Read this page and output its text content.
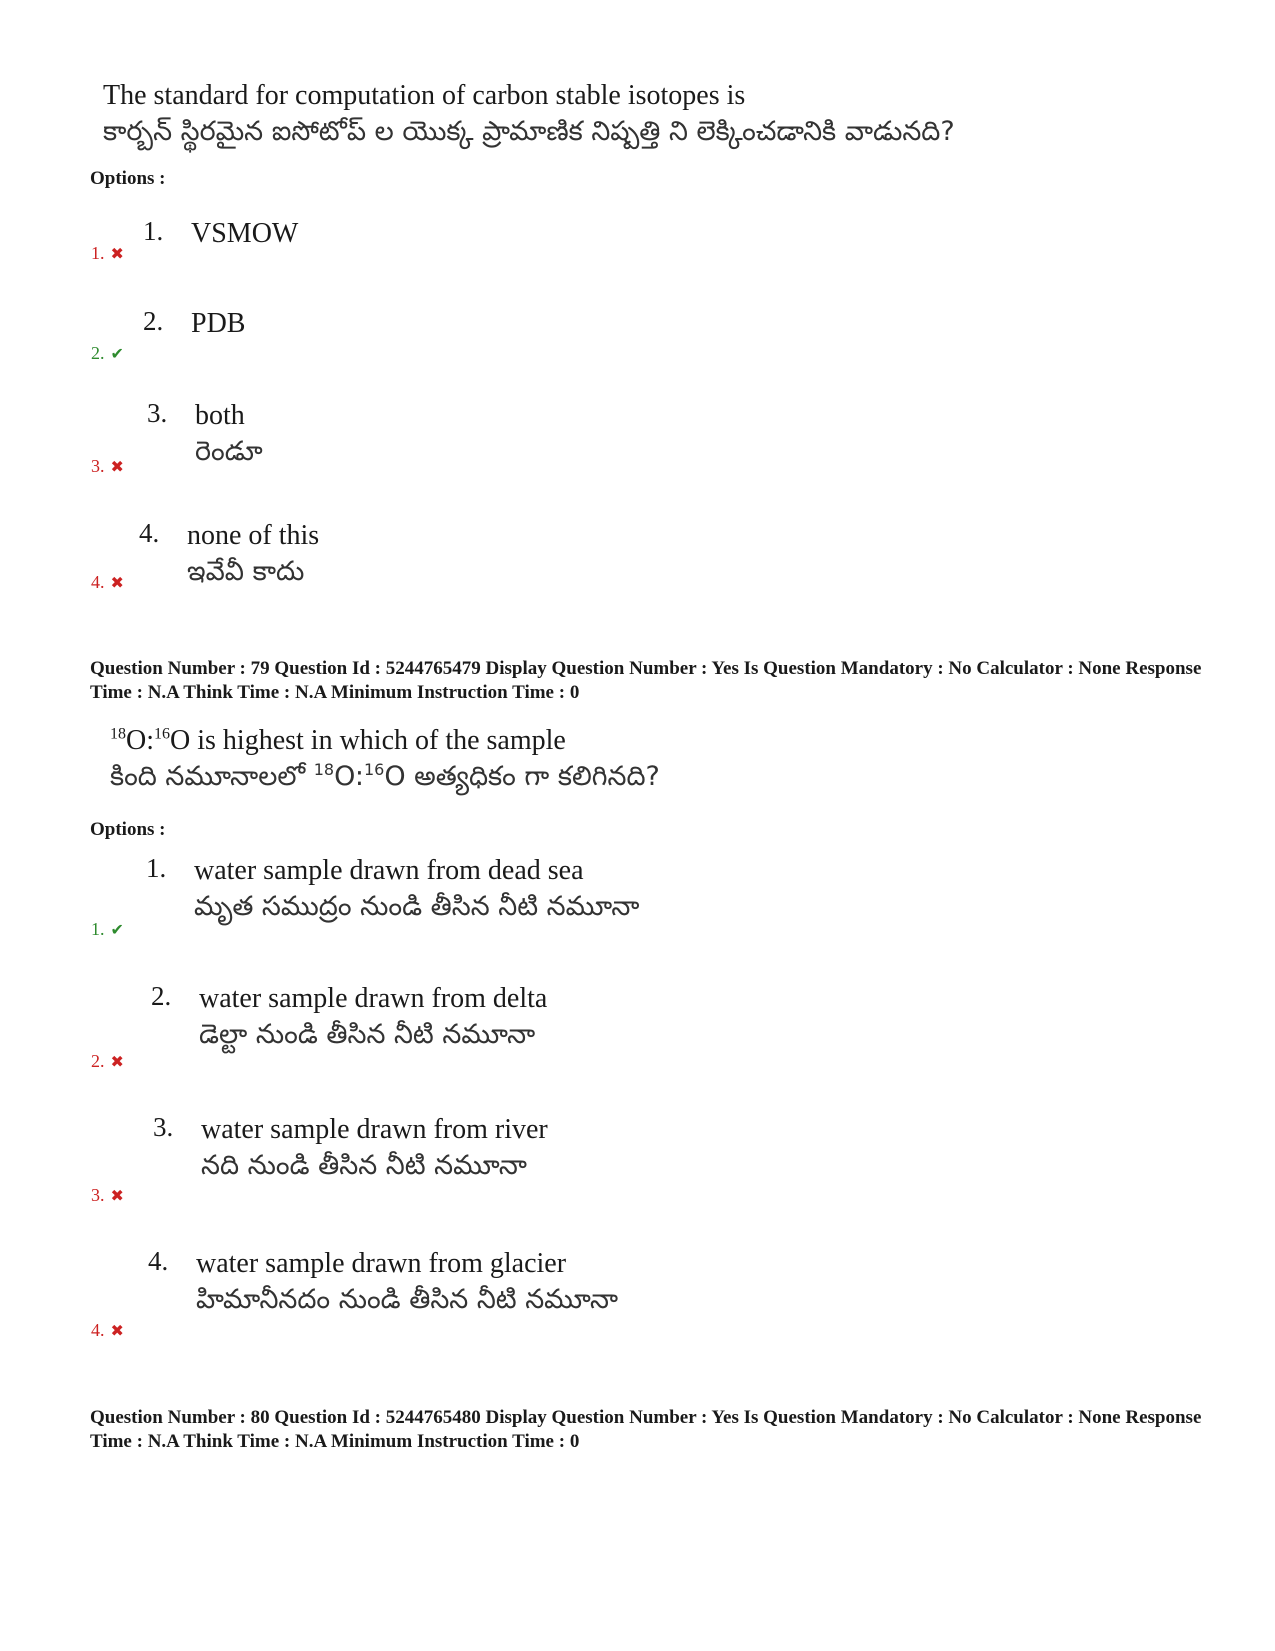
The standard for computation of carbon stable isotopes is
కార్బన్ స్థిరమైన ఐసోటోప్ ల యొక్క ప్రామాణిక నిష్పత్తి ని లెక్కించడానికి వాడునది?
Options :
1. VSMOW
1. ✖
2. PDB
2. ✔
3. both
రెండూ
3. ✖
4. none of this
ఇవేవీ కాదు
4. ✖
Question Number : 79 Question Id : 5244765479 Display Question Number : Yes Is Question Mandatory : No Calculator : None Response Time : N.A Think Time : N.A Minimum Instruction Time : 0
$^{18}$O:$^{16}$O is highest in which of the sample
కింది నమూనాలలో $^{18}$O:$^{16}$O అత్యధికం గా కలిగినది?
Options :
1. water sample drawn from dead sea
మృత సముద్రం నుండి తీసిన నీటి నమూనా
1. ✔
2. water sample drawn from delta
డెల్టా నుండి తీసిన నీటి నమూనా
2. ✖
3. water sample drawn from river
నది నుండి తీసిన నీటి నమూనా
3. ✖
4. water sample drawn from glacier
హిమానీనదం నుండి తీసిన నీటి నమూనా
4. ✖
Question Number : 80 Question Id : 5244765480 Display Question Number : Yes Is Question Mandatory : No Calculator : None Response Time : N.A Think Time : N.A Minimum Instruction Time : 0
